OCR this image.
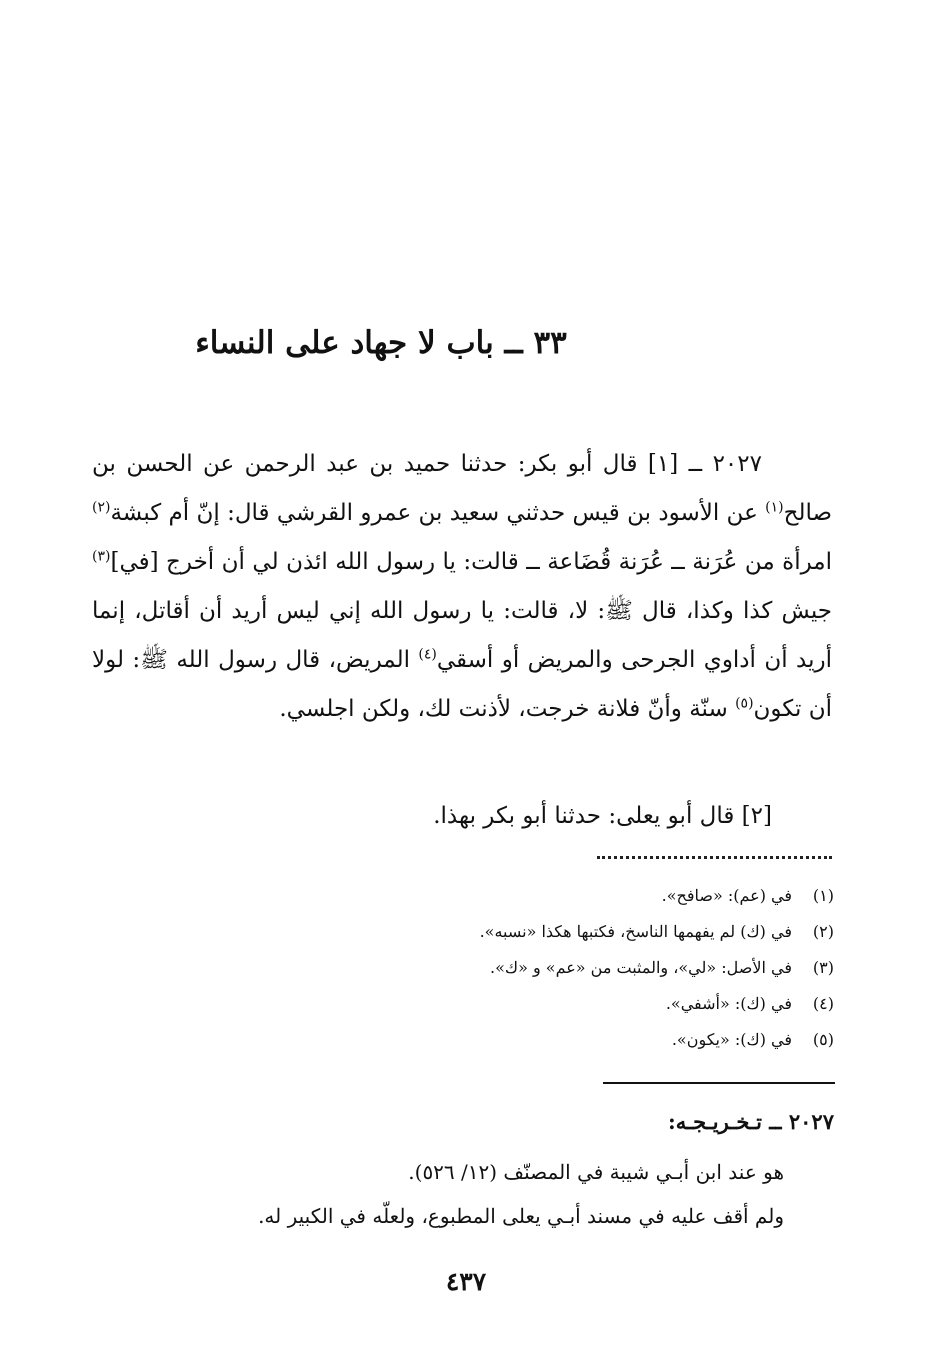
٣٣ ــ باب لا جهاد على النساء

٢٠٢٧ ــ [١] قال أبو بكر: حدثنا حميد بن عبد الرحمن عن الحسن بن صالح$^{(١)}$ عن الأسود بن قيس حدثني سعيد بن عمرو القرشي قال: إنّ أم كبشة$^{(٢)}$ امرأة من عُرَنة ــ عُرَنة قُضَاعة ــ قالت: يا رسول الله ائذن لي أن أخرج [في]$^{(٣)}$ جيش كذا وكذا، قال ﷺ: لا، قالت: يا رسول الله إني ليس أريد أن أقاتل، إنما أريد أن أداوي الجرحى والمريض أو أسقي$^{(٤)}$ المريض، قال رسول الله ﷺ: لولا أن تكون$^{(٥)}$ سنّة وأنّ فلانة خرجت، لأذنت لك، ولكن اجلسي.

[٢] قال أبو يعلى: حدثنا أبو بكر بهذا.
(١)في (عم): «صافح».
(٢)في (ك) لم يفهمها الناسخ، فكتبها هكذا «نسبه».
(٣)في الأصل: «لي»، والمثبت من «عم» و «ك».
(٤)في (ك): «أشفي».
(٥)في (ك): «يكون».
٢٠٢٧ ــ تـخـريـجـه:
هو عند ابن أبـي شيبة في المصنّف (١٢/ ٥٢٦).
ولم أقف عليه في مسند أبـي يعلى المطبوع، ولعلّه في الكبير له.
٤٣٧
